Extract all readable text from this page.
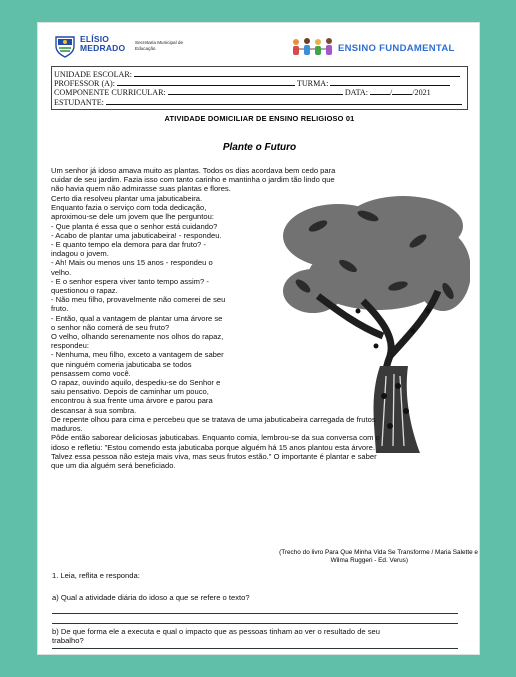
ELÍSIO
MEDRADO
Secretaria Municipal de Educação	ENSINO FUNDAMENTAL
UNIDADE ESCOLAR:
PROFESSOR (A):	TURMA:
COMPONENTE CURRICULAR:	DATA:	/ /2021
ESTUDANTE:
ATIVIDADE DOMICILIAR DE ENSINO RELIGIOSO 01
Plante o Futuro

Um senhor já idoso amava muito as plantas. Todos os dias acordava bem cedo para

cuidar de seu jardim. Fazia isso com tanto carinho e mantinha o jardim tão lindo que

não havia quem não admirasse suas plantas e flores.

Certo dia resolveu plantar uma jabuticabeira.

Enquanto fazia o serviço com toda dedicação,

aproximou-se dele um jovem que lhe perguntou:

- Que planta é essa que o senhor está cuidando?

- Acabo de plantar uma jabuticabeira! - respondeu.

- E quanto tempo ela demora para dar fruto? -

indagou o jovem.

- Ah! Mais ou menos uns 15 anos - respondeu o

velho.

- E o senhor espera viver tanto tempo assim? -

questionou o rapaz.

- Não meu filho, provavelmente não comerei de seu

fruto.

- Então, qual a vantagem de plantar uma árvore se

o senhor não comerá de seu fruto?

O velho, olhando serenamente nos olhos do rapaz,

respondeu:

- Nenhuma, meu filho, exceto a vantagem de saber

que ninguém comeria jabuticaba se todos

pensassem como você.

O rapaz, ouvindo aquilo, despediu-se do Senhor e

saiu pensativo. Depois de caminhar um pouco,

encontrou à sua frente uma árvore e parou para

descansar à sua sombra.

De repente olhou para cima e percebeu que se tratava de uma jabuticabeira carregada de frutos

maduros.

Pôde então saborear deliciosas jabuticabas. Enquanto comia, lembrou-se da sua conversa com o

idoso e refletiu: "Estou comendo esta jabuticaba porque alguém há 15 anos plantou esta árvore.

Talvez essa pessoa não esteja mais viva, mas seus frutos estão." O importante é plantar e saber

que um dia alguém será beneficiado.

(Trecho do livro Para Que Minha Vida Se Transforme / Maria Salette e
Wilma Ruggeri - Ed. Verus)
1. Leia, reflita e responda:
a) Qual a atividade diária do idoso a que se refere o texto?
b) De que forma ele a executa e qual o impacto que as pessoas tinham ao ver o resultado de seu
trabalho?
